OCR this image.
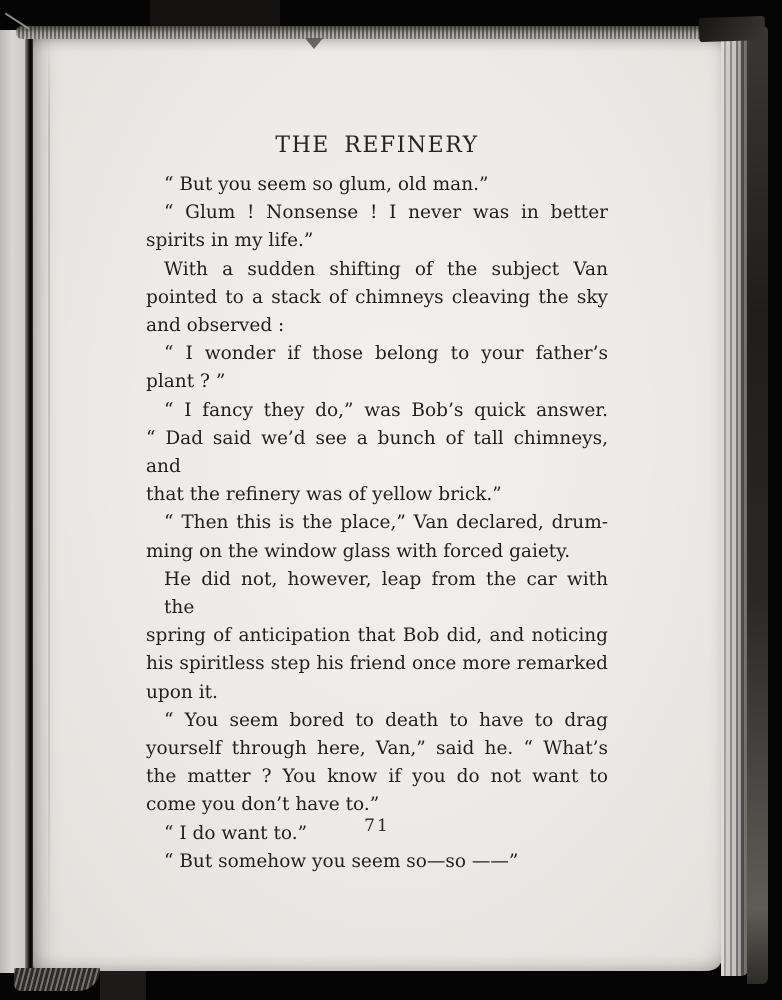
THE REFINERY
“ But you seem so glum, old man.”
“ Glum ! Nonsense ! I never was in better
spirits in my life.”
With a sudden shifting of the subject Van
pointed to a stack of chimneys cleaving the sky
and observed :
“ I wonder if those belong to your father’s
plant ? ”
“ I fancy they do,” was Bob’s quick answer.
“ Dad said we’d see a bunch of tall chimneys, and
that the refinery was of yellow brick.”
“ Then this is the place,” Van declared, drum-
ming on the window glass with forced gaiety.
He did not, however, leap from the car with the
spring of anticipation that Bob did, and noticing
his spiritless step his friend once more remarked
upon it.
“ You seem bored to death to have to drag
yourself through here, Van,” said he. “ What’s
the matter ? You know if you do not want to
come you don’t have to.”
“ I do want to.”
“ But somehow you seem so—so ——”
71
